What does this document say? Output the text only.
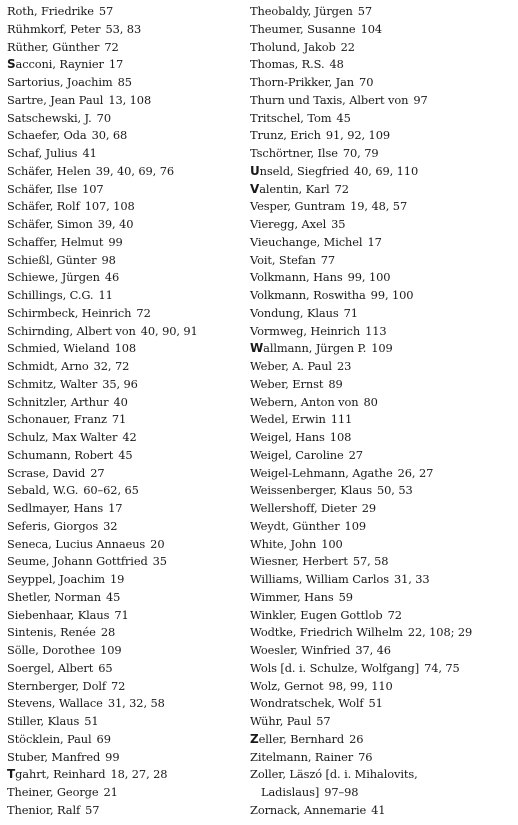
Roth, Friedrike 57
Rühmkorf, Peter 53, 83
Rüther, Günther 72
Sacconi, Raynier 17
Sartorius, Joachim 85
Sartre, Jean Paul 13, 108
Satschewski, J. 70
Schaefer, Oda 30, 68
Schaf, Julius 41
Schäfer, Helen 39, 40, 69, 76
Schäfer, Ilse 107
Schäfer, Rolf 107, 108
Schäfer, Simon 39, 40
Schaffer, Helmut 99
Schießl, Günter 98
Schiewe, Jürgen 46
Schillings, C.G. 11
Schirmbeck, Heinrich 72
Schirnding, Albert von 40, 90, 91
Schmied, Wieland 108
Schmidt, Arno 32, 72
Schmitz, Walter 35, 96
Schnitzler, Arthur 40
Schonauer, Franz 71
Schulz, Max Walter 42
Schumann, Robert 45
Scrase, David 27
Sebald, W.G. 60–62, 65
Sedlmayer, Hans 17
Seferis, Giorgos 32
Seneca, Lucius Annaeus 20
Seume, Johann Gottfried 35
Seyppel, Joachim 19
Shetler, Norman 45
Siebenhaar, Klaus 71
Sintenis, Renée 28
Sölle, Dorothee 109
Soergel, Albert 65
Sternberger, Dolf 72
Stevens, Wallace 31, 32, 58
Stiller, Klaus 51
Stöcklein, Paul 69
Stuber, Manfred 99
Tgahrt, Reinhard 18, 27, 28
Theiner, George 21
Thenior, Ralf 57
Theobaldy, Jürgen 57
Theumer, Susanne 104
Tholund, Jakob 22
Thomas, R.S. 48
Thorn-Prikker, Jan 70
Thurn und Taxis, Albert von 97
Tritschel, Tom 45
Trunz, Erich 91, 92, 109
Tschörtner, Ilse 70, 79
Unseld, Siegfried 40, 69, 110
Valentin, Karl 72
Vesper, Guntram 19, 48, 57
Vieregg, Axel 35
Vieuchange, Michel 17
Voit, Stefan 77
Volkmann, Hans 99, 100
Volkmann, Roswitha 99, 100
Vondung, Klaus 71
Vormweg, Heinrich 113
Wallmann, Jürgen P. 109
Weber, A. Paul 23
Weber, Ernst 89
Webern, Anton von 80
Wedel, Erwin 111
Weigel, Hans 108
Weigel, Caroline 27
Weigel-Lehmann, Agathe 26, 27
Weissenberger, Klaus 50, 53
Wellershoff, Dieter 29
Weydt, Günther 109
White, John 100
Wiesner, Herbert 57, 58
Williams, William Carlos 31, 33
Wimmer, Hans 59
Winkler, Eugen Gottlob 72
Wodtke, Friedrich Wilhelm 22, 108; 29
Woesler, Winfried 37, 46
Wols [d. i. Schulze, Wolfgang] 74, 75
Wolz, Gernot 98, 99, 110
Wondratschek, Wolf 51
Wühr, Paul 57
Zeller, Bernhard 26
Zitelmann, Rainer 76
Zoller, Läszó [d. i. Mihalovits,
Ladislaus] 97–98
Zornack, Annemarie 41
